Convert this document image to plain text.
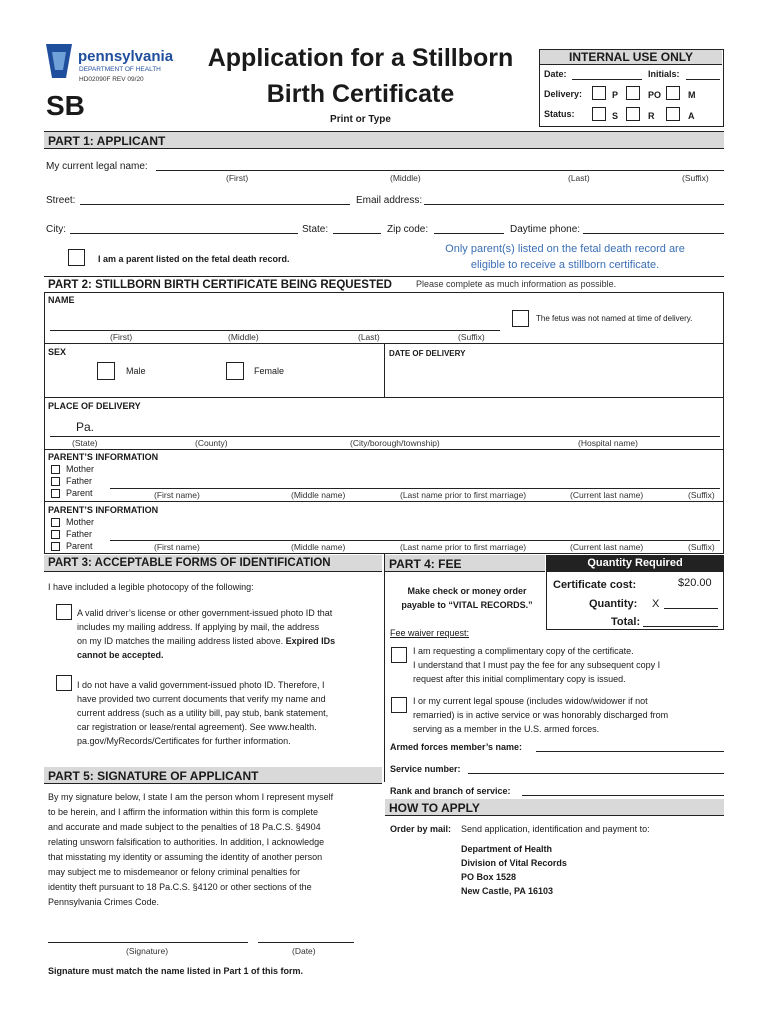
pennsylvania
DEPARTMENT OF HEALTH
HD02090F REV 09/20
SB
Application for a Stillborn
Birth Certificate
Print or Type
INTERNAL USE ONLY
Date:	Initials:
Delivery:	P	PO	M
Status:	S	R	A
PART 1: APPLICANT
My current legal name:
(First)	(Middle)	(Last)	(Suffix)
Street:	Email address:
City:	State:	Zip code:	Daytime phone:
I am a parent listed on the fetal death record.
Only parent(s) listed on the fetal death record are
eligible to receive a stillborn certificate.
PART 2: STILLBORN BIRTH CERTIFICATE BEING REQUESTED	Please complete as much information as possible.
NAME
(First)	(Middle)	(Last)	(Suffix)
The fetus was not named at time of delivery.
SEX
Male	Female
DATE OF DELIVERY
PLACE OF DELIVERY
Pa.
(State)	(County)	(City/borough/township)	(Hospital name)
PARENT’S INFORMATION
Mother
Father
Parent	(First name)	(Middle name)	(Last name prior to first marriage)	(Current last name)	(Suffix)
PARENT’S INFORMATION
Mother
Father
Parent	(First name)	(Middle name)	(Last name prior to first marriage)	(Current last name)	(Suffix)
PART 3: ACCEPTABLE FORMS OF IDENTIFICATION
I have included a legible photocopy of the following:
A valid driver’s license or other government-issued photo ID that
includes my mailing address. If applying by mail, the address
on my ID matches the mailing address listed above. Expired IDs
cannot be accepted.
I do not have a valid government-issued photo ID. Therefore, I
have provided two current documents that verify my name and
current address (such as a utility bill, pay stub, bank statement,
car registration or lease/rental agreement). See www.health.
pa.gov/MyRecords/Certificates for further information.
PART 4: FEE	Quantity Required
Make check or money order
payable to “VITAL RECORDS.”
Certificate cost:	$20.00
Quantity: X
Total:
Fee waiver request:
I am requesting a complimentary copy of the certificate.
I understand that I must pay the fee for any subsequent copy I
request after this initial complimentary copy is issued.
I or my current legal spouse (includes widow/widower if not
remarried) is in active service or was honorably discharged from
serving as a member in the U.S. armed forces.
Armed forces member’s name:
Service number:
Rank and branch of service:
PART 5: SIGNATURE OF APPLICANT
By my signature below, I state I am the person whom I represent myself
to be herein, and I affirm the information within this form is complete
and accurate and made subject to the penalties of 18 Pa.C.S. §4904
relating unsworn falsification to authorities. In addition, I acknowledge
that misstating my identity or assuming the identity of another person
may subject me to misdemeanor or felony criminal penalties for
identity theft pursuant to 18 Pa.C.S. §4120 or other sections of the
Pennsylvania Crimes Code.
(Signature)	(Date)
Signature must match the name listed in Part 1 of this form.
HOW TO APPLY
Order by mail: Send application, identification and payment to:
Department of Health
Division of Vital Records
PO Box 1528
New Castle, PA 16103
